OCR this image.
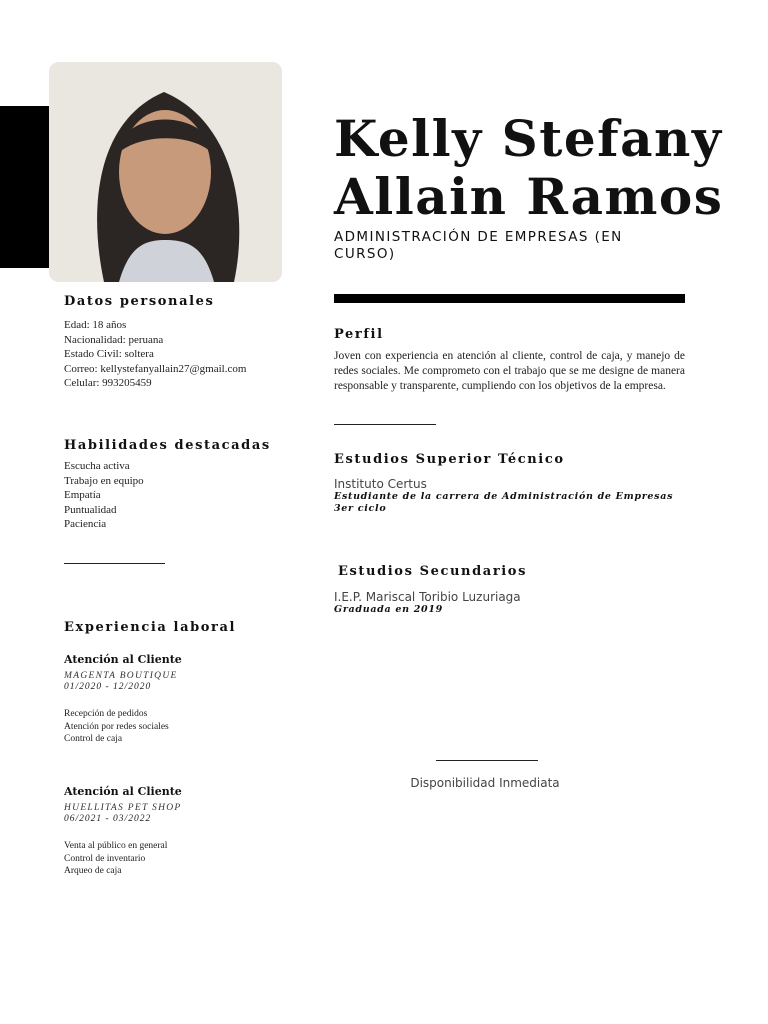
Kelly Stefany
Allain Ramos

ADMINISTRACIÓN DE EMPRESAS (EN CURSO)

Datos personales
Edad: 18 años
Nacionalidad: peruana
Estado Civil: soltera
Correo: kellystefanyallain27@gmail.com
Celular: 993205459
Habilidades destacadas
Escucha activa
Trabajo en equipo
Empatía
Puntualidad
Paciencia
Experiencia laboral

Atención al Cliente

MAGENTA BOUTIQUE

01/2020 - 12/2020

Recepción de pedidos
Atención por redes sociales
Control de caja

Atención al Cliente

HUELLITAS PET SHOP

06/2021 - 03/2022

Venta al público en general
Control de inventario
Arqueo de caja
Perfil

Joven con experiencia en atención al cliente, control de caja, y manejo de redes sociales. Me comprometo con el trabajo que se me designe de manera responsable y transparente, cumpliendo con los objetivos de la empresa.

Estudios Superior Técnico

Instituto Certus

Estudiante de la carrera de Administración de Empresas

3er ciclo

Estudios Secundarios

I.E.P. Mariscal Toribio Luzuriaga

Graduada en 2019

Disponibilidad Inmediata
